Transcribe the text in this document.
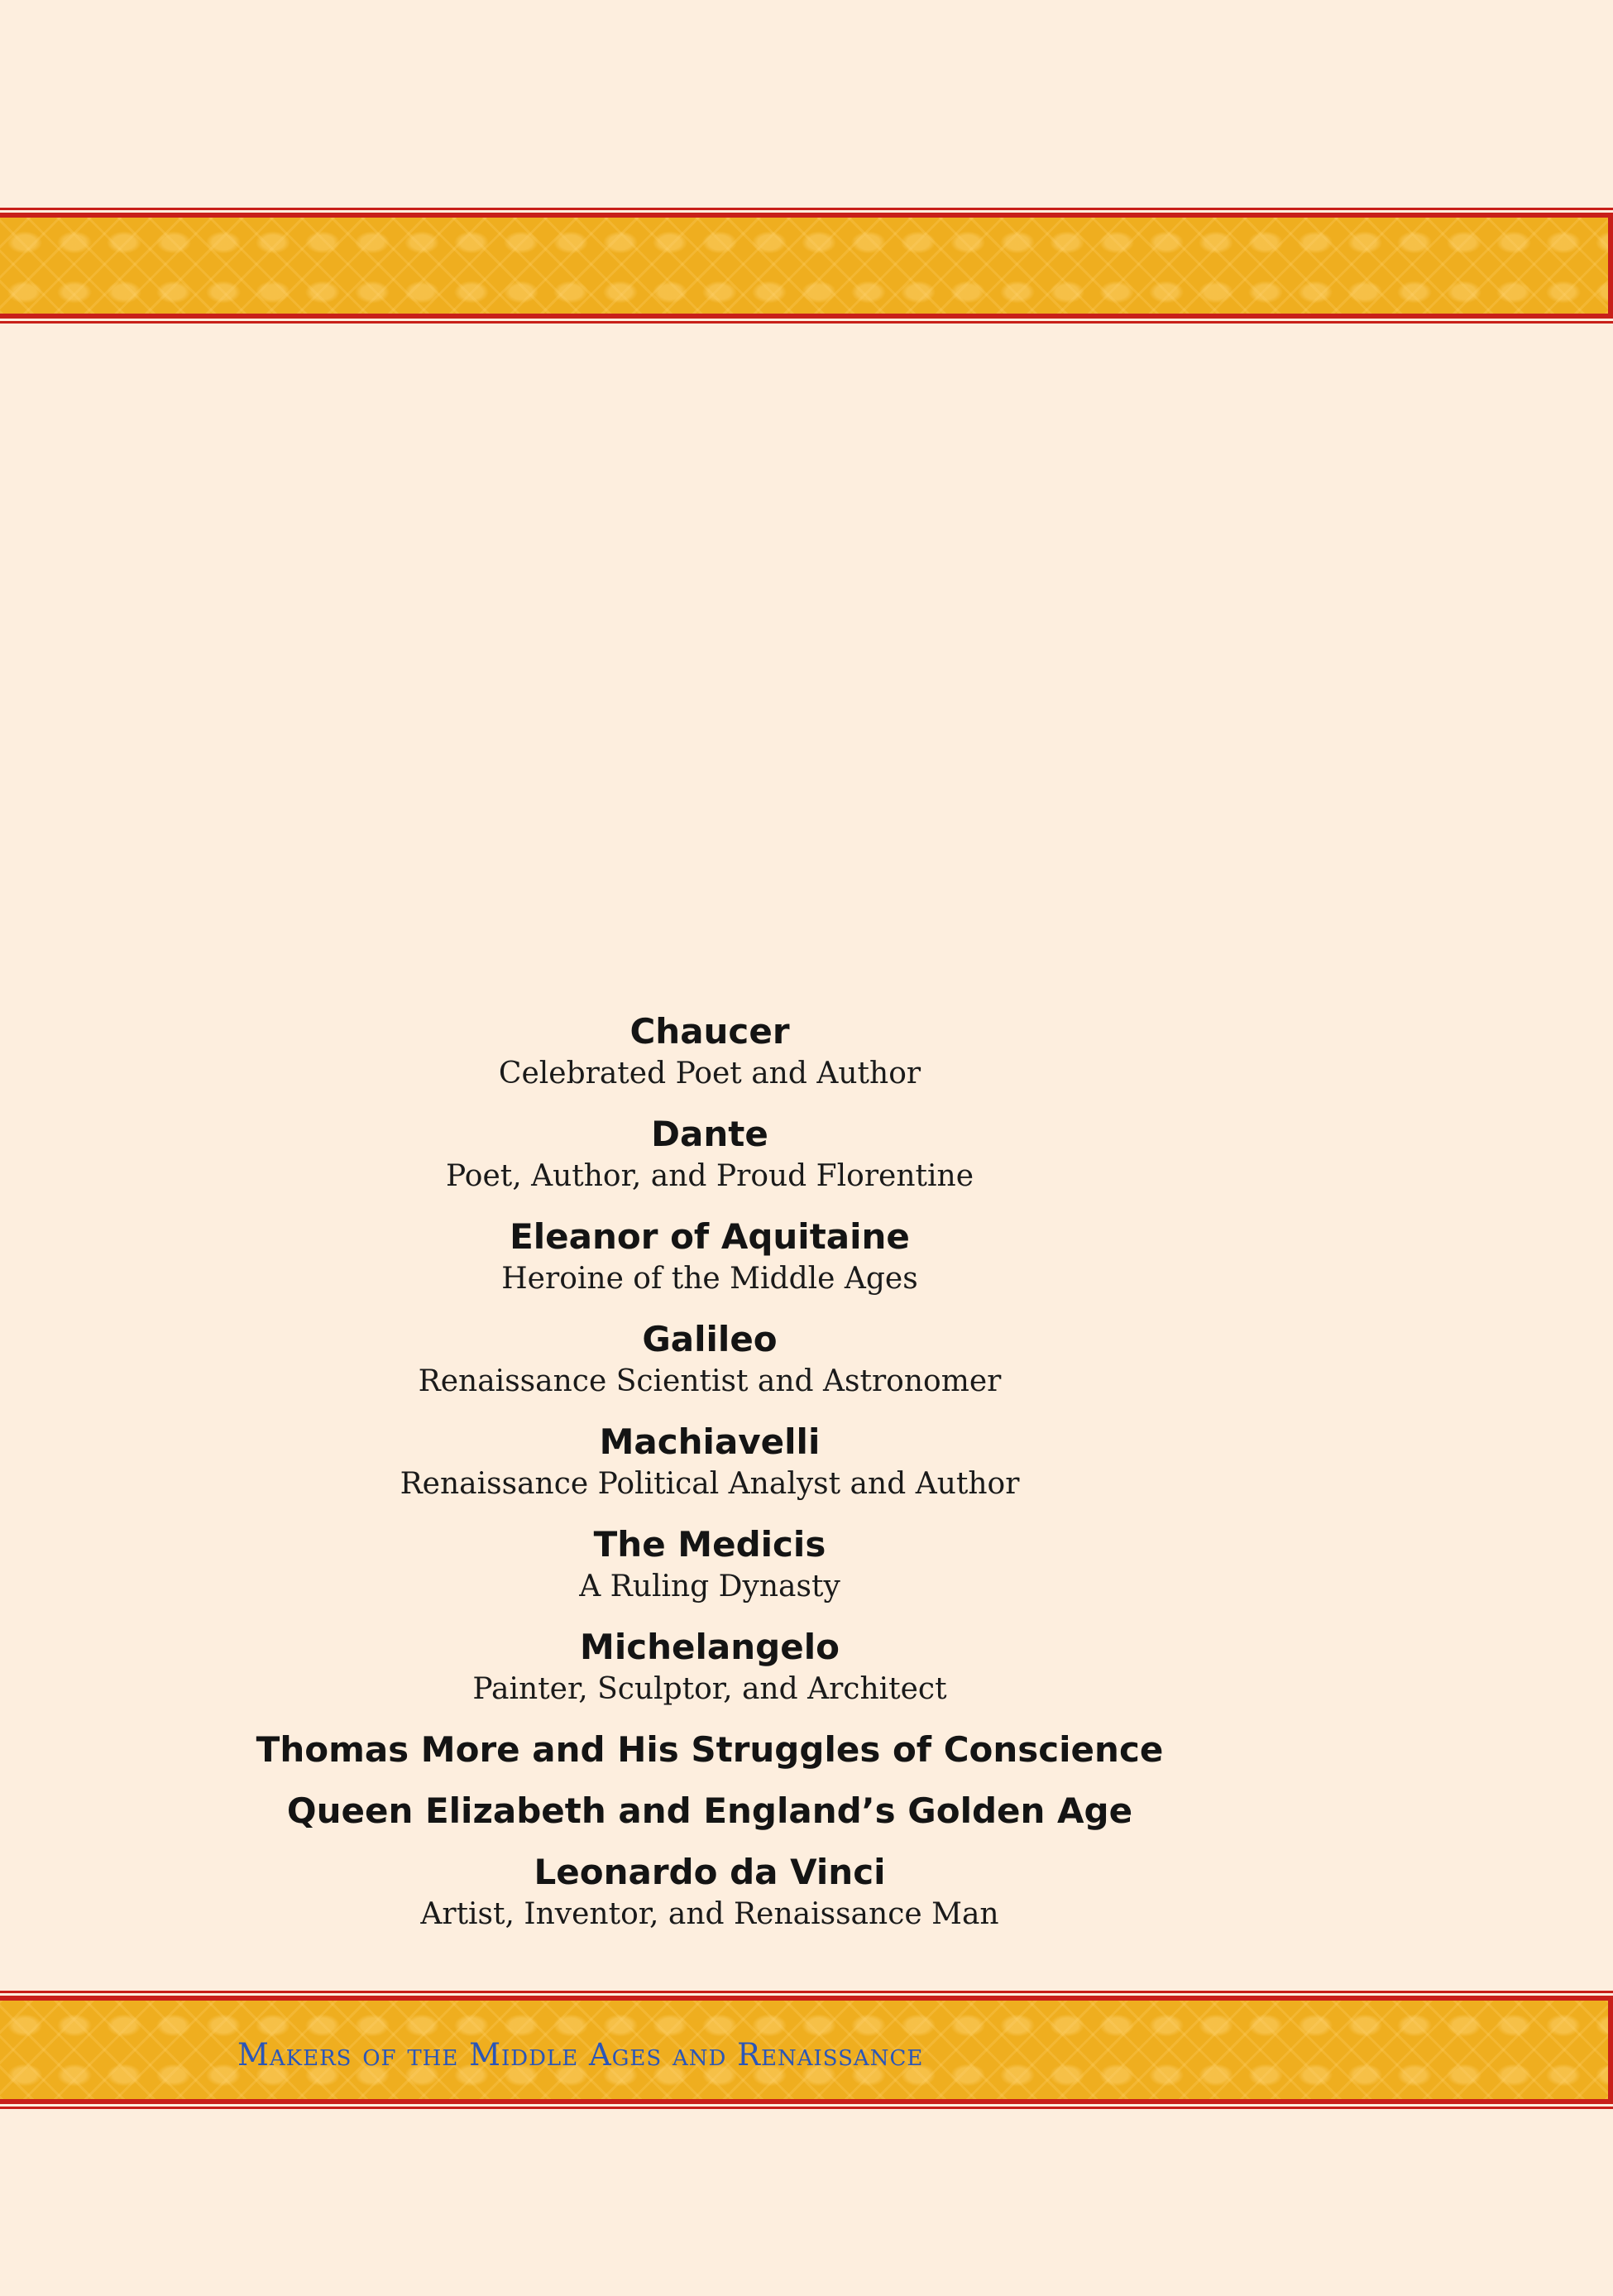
Chaucer

Celebrated Poet and Author

Dante

Poet, Author, and Proud Florentine

Eleanor of Aquitaine

Heroine of the Middle Ages

Galileo

Renaissance Scientist and Astronomer

Machiavelli

Renaissance Political Analyst and Author

The Medicis

A Ruling Dynasty

Michelangelo

Painter, Sculptor, and Architect

Thomas More and His Struggles of Conscience

Queen Elizabeth and England’s Golden Age

Leonardo da Vinci

Artist, Inventor, and Renaissance Man

Makers of the Middle Ages and Renaissance
